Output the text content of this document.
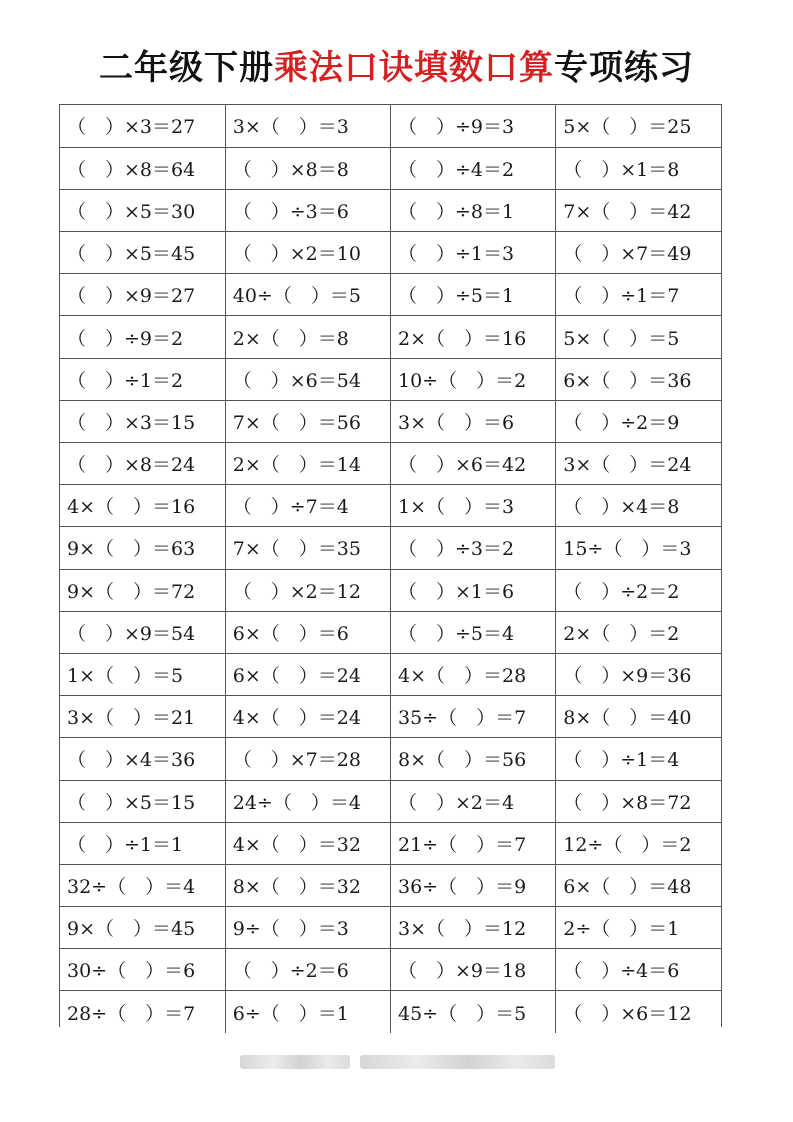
二年级下册乘法口诀填数口算专项练习
（　）×3＝27	3×（　）＝3	（　）÷9＝3	5×（　）＝25
（　）×8＝64	（　）×8＝8	（　）÷4＝2	（　）×1＝8
（　）×5＝30	（　）÷3＝6	（　）÷8＝1	7×（　）＝42
（　）×5＝45	（　）×2＝10	（　）÷1＝3	（　）×7＝49
（　）×9＝27	40÷（　）＝5	（　）÷5＝1	（　）÷1＝7
（　）÷9＝2	2×（　）＝8	2×（　）＝16	5×（　）＝5
（　）÷1＝2	（　）×6＝54	10÷（　）＝2	6×（　）＝36
（　）×3＝15	7×（　）＝56	3×（　）＝6	（　）÷2＝9
（　）×8＝24	2×（　）＝14	（　）×6＝42	3×（　）＝24
4×（　）＝16	（　）÷7＝4	1×（　）＝3	（　）×4＝8
9×（　）＝63	7×（　）＝35	（　）÷3＝2	15÷（　）＝3
9×（　）＝72	（　）×2＝12	（　）×1＝6	（　）÷2＝2
（　）×9＝54	6×（　）＝6	（　）÷5＝4	2×（　）＝2
1×（　）＝5	6×（　）＝24	4×（　）＝28	（　）×9＝36
3×（　）＝21	4×（　）＝24	35÷（　）＝7	8×（　）＝40
（　）×4＝36	（　）×7＝28	8×（　）＝56	（　）÷1＝4
（　）×5＝15	24÷（　）＝4	（　）×2＝4	（　）×8＝72
（　）÷1＝1	4×（　）＝32	21÷（　）＝7	12÷（　）＝2
32÷（　）＝4	8×（　）＝32	36÷（　）＝9	6×（　）＝48
9×（　）＝45	9÷（　）＝3	3×（　）＝12	2÷（　）＝1
30÷（　）＝6	（　）÷2＝6	（　）×9＝18	（　）÷4＝6
28÷（　）＝7	6÷（　）＝1	45÷（　）＝5	（　）×6＝12
